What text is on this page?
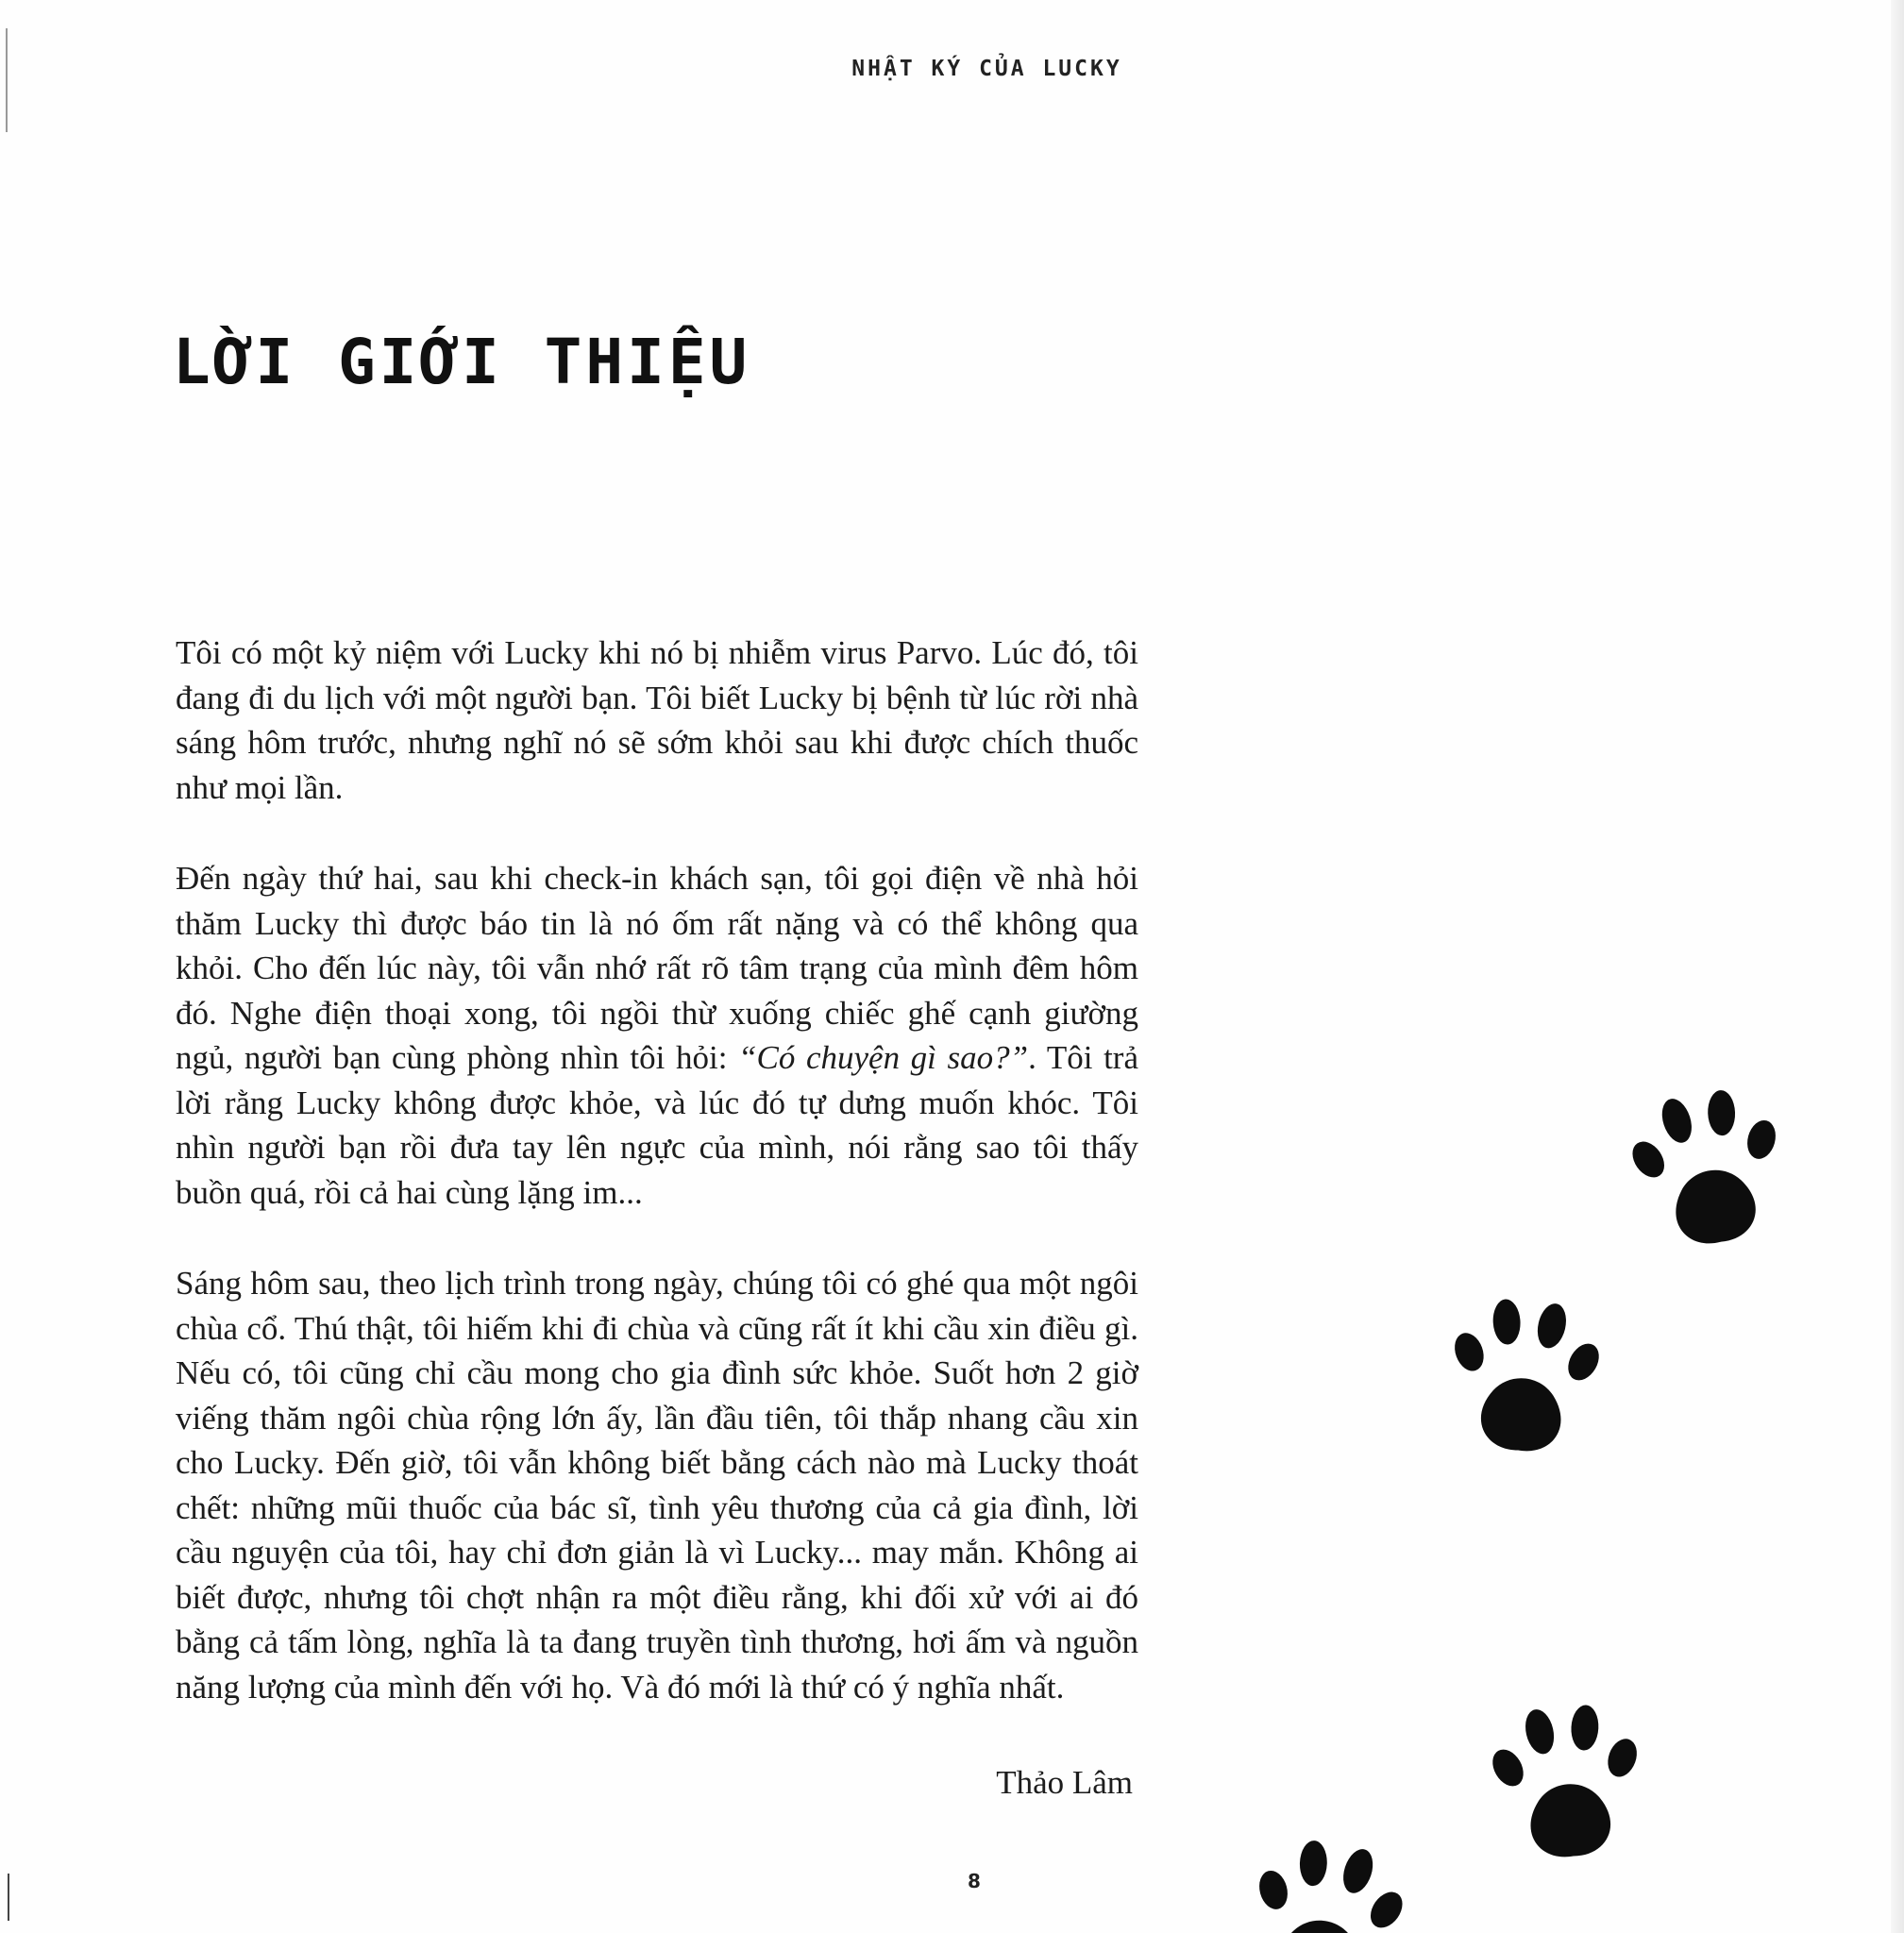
NHẬT KÝ CỦA LUCKY
LỜI GIỚI THIỆU

Tôi có một kỷ niệm với Lucky khi nó bị nhiễm virus Parvo. Lúc đó, tôi đang đi du lịch với một người bạn. Tôi biết Lucky bị bệnh từ lúc rời nhà sáng hôm trước, nhưng nghĩ nó sẽ sớm khỏi sau khi được chích thuốc như mọi lần.

Đến ngày thứ hai, sau khi check-in khách sạn, tôi gọi điện về nhà hỏi thăm Lucky thì được báo tin là nó ốm rất nặng và có thể không qua khỏi. Cho đến lúc này, tôi vẫn nhớ rất rõ tâm trạng của mình đêm hôm đó. Nghe điện thoại xong, tôi ngồi thừ xuống chiếc ghế cạnh giường ngủ, người bạn cùng phòng nhìn tôi hỏi: “Có chuyện gì sao?”. Tôi trả lời rằng Lucky không được khỏe, và lúc đó tự dưng muốn khóc. Tôi nhìn người bạn rồi đưa tay lên ngực của mình, nói rằng sao tôi thấy buồn quá, rồi cả hai cùng lặng im...

Sáng hôm sau, theo lịch trình trong ngày, chúng tôi có ghé qua một ngôi chùa cổ. Thú thật, tôi hiếm khi đi chùa và cũng rất ít khi cầu xin điều gì. Nếu có, tôi cũng chỉ cầu mong cho gia đình sức khỏe. Suốt hơn 2 giờ viếng thăm ngôi chùa rộng lớn ấy, lần đầu tiên, tôi thắp nhang cầu xin cho Lucky. Đến giờ, tôi vẫn không biết bằng cách nào mà Lucky thoát chết: những mũi thuốc của bác sĩ, tình yêu thương của cả gia đình, lời cầu nguyện của tôi, hay chỉ đơn giản là vì Lucky... may mắn. Không ai biết được, nhưng tôi chợt nhận ra một điều rằng, khi đối xử với ai đó bằng cả tấm lòng, nghĩa là ta đang truyền tình thương, hơi ấm và nguồn năng lượng của mình đến với họ. Và đó mới là thứ có ý nghĩa nhất.

Thảo Lâm
8
